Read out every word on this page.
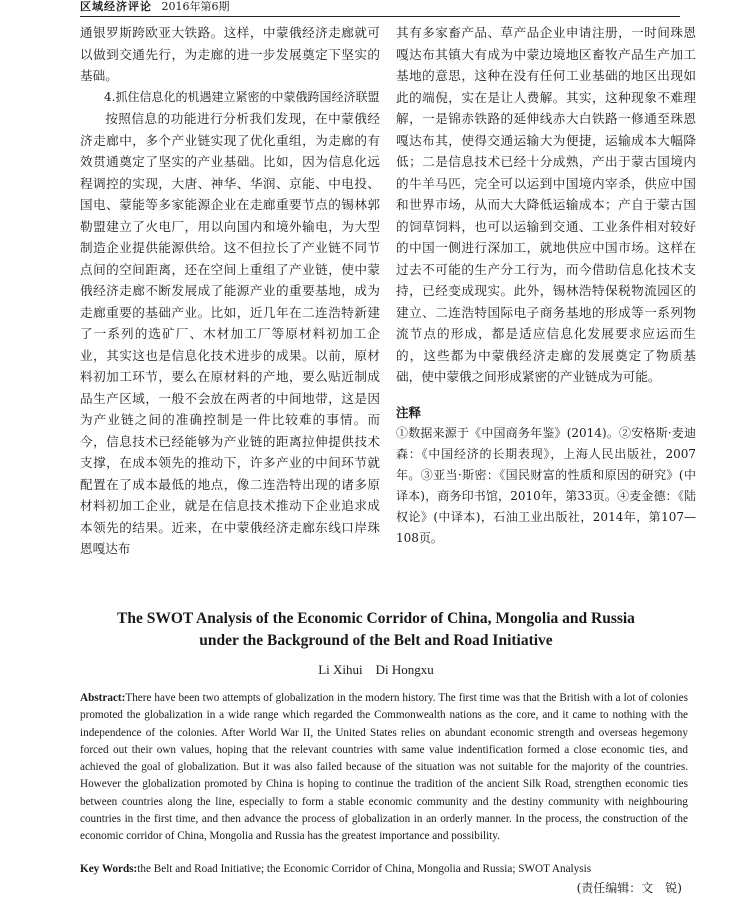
区域经济评论 2016年第6期

通银罗斯跨欧亚大铁路。这样，中蒙俄经济走廊就可以做到交通先行，为走廊的进一步发展奠定下坚实的基础。

4.抓住信息化的机遇建立紧密的中蒙俄跨国经济联盟

按照信息的功能进行分析我们发现，在中蒙俄经济走廊中，多个产业链实现了优化重组，为走廊的有效贯通奠定了坚实的产业基础。比如，因为信息化远程调控的实现，大唐、神华、华润、京能、中电投、国电、蒙能等多家能源企业在走廊重要节点的锡林郭勒盟建立了火电厂，用以向国内和境外输电，为大型制造企业提供能源供给。这不但拉长了产业链不同节点间的空间距离，还在空间上重组了产业链，使中蒙俄经济走廊不断发展成了能源产业的重要基地，成为走廊重要的基础产业。比如，近几年在二连浩特新建了一系列的选矿厂、木材加工厂等原材料初加工企业，其实这也是信息化技术进步的成果。以前，原材料初加工环节，要么在原材料的产地，要么贴近制成品生产区域，一般不会放在两者的中间地带，这是因为产业链之间的准确控制是一件比较难的事情。而今，信息技术已经能够为产业链的距离拉伸提供技术支撑，在成本领先的推动下，许多产业的中间环节就配置在了成本最低的地点，像二连浩特出现的诸多原材料初加工企业，就是在信息技术推动下企业追求成本领先的结果。近来，在中蒙俄经济走廊东线口岸珠恩嘎达布

其有多家畜产品、草产品企业申请注册，一时间珠恩嘎达布其镇大有成为中蒙边境地区畜牧产品生产加工基地的意思，这种在没有任何工业基础的地区出现如此的端倪，实在是让人费解。其实，这种现象不难理解，一是锦赤铁路的延伸线赤大白铁路一修通至珠恩嘎达布其，使得交通运输大为便捷，运输成本大幅降低；二是信息技术已经十分成熟，产出于蒙古国境内的牛羊马匹，完全可以运到中国境内宰杀，供应中国和世界市场，从而大大降低运输成本；产自于蒙古国的饲草饲料，也可以运输到交通、工业条件相对较好的中国一侧进行深加工，就地供应中国市场。这样在过去不可能的生产分工行为，而今借助信息化技术支持，已经变成现实。此外，锡林浩特保税物流园区的建立、二连浩特国际电子商务基地的形成等一系列物流节点的形成，都是适应信息化发展要求应运而生的，这些都为中蒙俄经济走廊的发展奠定了物质基础，使中蒙俄之间形成紧密的产业链成为可能。

注释

①数据来源于《中国商务年鉴》(2014)。②安格斯·麦迪森：《中国经济的长期表现》，上海人民出版社，2007年。③亚当·斯密：《国民财富的性质和原因的研究》(中译本)，商务印书馆，2010年，第33页。④麦金德：《陆权论》(中译本)，石油工业出版社，2014年，第107—108页。

The SWOT Analysis of the Economic Corridor of China, Mongolia and Russia
under the Background of the Belt and Road Initiative
Li Xihui    Di Hongxu
Abstract:There have been two attempts of globalization in the modern history. The first time was that the British with a lot of colonies promoted the globalization in a wide range which regarded the Commonwealth nations as the core, and it came to nothing with the independence of the colonies. After World War II, the United States relies on abundant economic strength and overseas hegemony forced out their own values, hoping that the relevant countries with same value indentification formed a close economic ties, and achieved the goal of globalization. But it was also failed because of the situation was not suitable for the majority of the countries. However the globalization promoted by China is hoping to continue the tradition of the ancient Silk Road, strengthen economic ties between countries along the line, especially to form a stable economic community and the destiny community with neighbouring countries in the first time, and then advance the process of globalization in an orderly manner. In the process, the construction of the economic corridor of China, Mongolia and Russia has the greatest importance and possibility.
Key Words:the Belt and Road Initiative; the Economic Corridor of China, Mongolia and Russia; SWOT Analysis
(责任编辑：文　锐)
